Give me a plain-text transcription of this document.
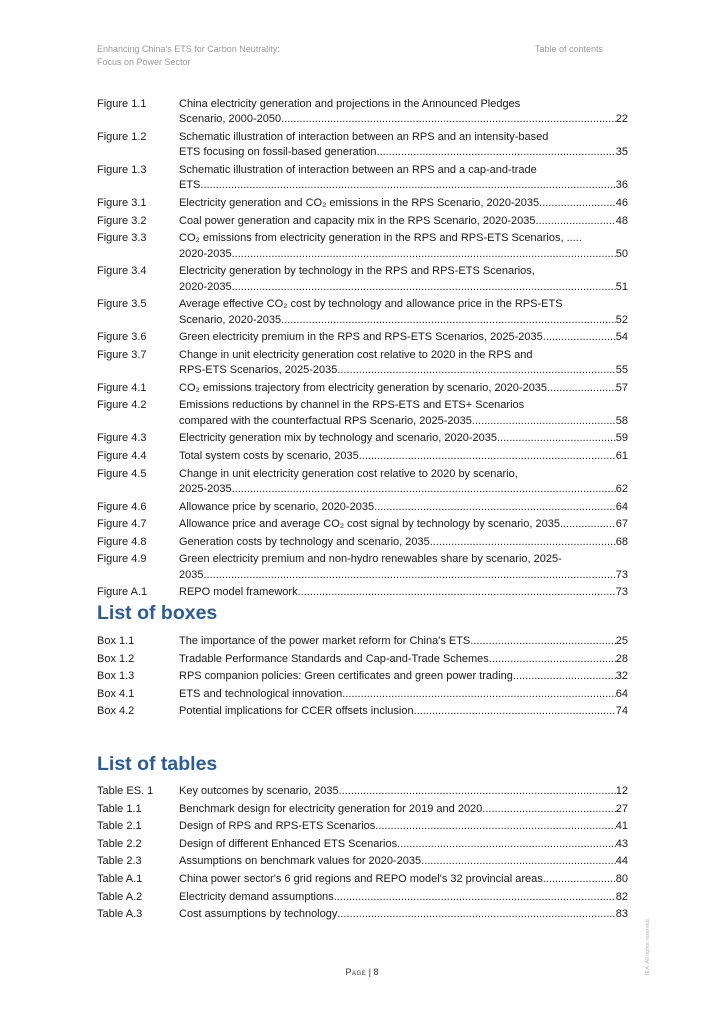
Enhancing China's ETS for Carbon Neutrality:
Focus on Power Sector
Table of contents
Figure 1.1	China electricity generation and projections in the Announced Pledges
Scenario, 2000-2050 .....	22
Figure 1.2	Schematic illustration of interaction between an RPS and an intensity-based
ETS focusing on fossil-based generation .....	35
Figure 1.3	Schematic illustration of interaction between an RPS and a cap-and-trade
ETS .....	36
Figure 3.1	Electricity generation and CO₂ emissions in the RPS Scenario, 2020-2035 .....	46
Figure 3.2	Coal power generation and capacity mix in the RPS Scenario, 2020-2035 .....	48
Figure 3.3	CO₂ emissions from electricity generation in the RPS and RPS-ETS Scenarios, .....
2020-2035 .....	50
Figure 3.4	Electricity generation by technology in the RPS and RPS-ETS Scenarios,
2020-2035 .....	51
Figure 3.5	Average effective CO₂ cost by technology and allowance price in the RPS-ETS
Scenario, 2020-2035 .....	52
Figure 3.6	Green electricity premium in the RPS and RPS-ETS Scenarios, 2025-2035 .....	54
Figure 3.7	Change in unit electricity generation cost relative to 2020 in the RPS and
RPS-ETS Scenarios, 2025-2035 .....	55
Figure 4.1	CO₂ emissions trajectory from electricity generation by scenario, 2020-2035 .....	57
Figure 4.2	Emissions reductions by channel in the RPS-ETS and ETS+ Scenarios
compared with the counterfactual RPS Scenario, 2025-2035 .....	58
Figure 4.3	Electricity generation mix by technology and scenario, 2020-2035 .....	59
Figure 4.4	Total system costs by scenario, 2035 .....	61
Figure 4.5	Change in unit electricity generation cost relative to 2020 by scenario,
2025-2035 .....	62
Figure 4.6	Allowance price by scenario, 2020-2035 .....	64
Figure 4.7	Allowance price and average CO₂ cost signal by technology by scenario, 2035 .....	67
Figure 4.8	Generation costs by technology and scenario, 2035 .....	68
Figure 4.9	Green electricity premium and non-hydro renewables share by scenario, 2025-
2035 .....	73
Figure A.1	REPO model framework .....	73
List of boxes
Box 1.1	The importance of the power market reform for China's ETS .....	25
Box 1.2	Tradable Performance Standards and Cap-and-Trade Schemes .....	28
Box 1.3	RPS companion policies: Green certificates and green power trading .....	32
Box 4.1	ETS and technological innovation .....	64
Box 4.2	Potential implications for CCER offsets inclusion .....	74
List of tables
Table ES. 1	Key outcomes by scenario, 2035 .....	12
Table 1.1	Benchmark design for electricity generation for 2019 and 2020 .....	27
Table 2.1	Design of RPS and RPS-ETS Scenarios .....	41
Table 2.2	Design of different Enhanced ETS Scenarios .....	43
Table 2.3	Assumptions on benchmark values for 2020-2035 .....	44
Table A.1	China power sector's 6 grid regions and REPO model's 32 provincial areas .....	80
Table A.2	Electricity demand assumptions .....	82
Table A.3	Cost assumptions by technology .....	83
Page | 8	IEA. All rights reserved.
